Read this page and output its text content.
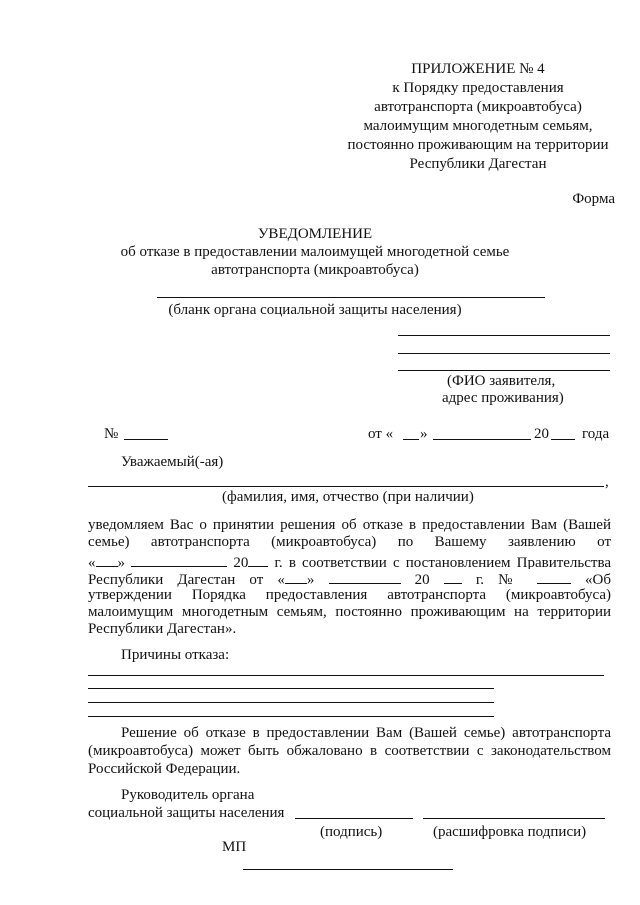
ПРИЛОЖЕНИЕ № 4
к Порядку предоставления
автотранспорта (микроавтобуса)
малоимущим многодетным семьям,
постоянно проживающим на территории
Республики Дагестан
Форма
УВЕДОМЛЕНИЕ
об отказе в предоставлении малоимущей многодетной семье
автотранспорта (микроавтобуса)
(бланк органа социальной защиты населения)
(ФИО заявителя,
адрес проживания)
№	от « »	20 года
Уважаемый(-ая)
,
(фамилия, имя, отчество (при наличии)
уведомляем Вас о принятии решения об отказе в предоставлении Вам (Вашей
семье) автотранспорта (микроавтобуса) по Вашему заявлению от
« »	20 г. в соответствии с постановлением Правительства
Республики Дагестан от « »	20	г. №	«Об
утверждении Порядка предоставления автотранспорта (микроавтобуса)
малоимущим многодетным семьям, постоянно проживающим на территории
Республики Дагестан».
Причины отказа:
Решение об отказе в предоставлении Вам (Вашей семье) автотранспорта
(микроавтобуса) может быть обжаловано в соответствии с законодательством
Российской Федерации.
Руководитель органа
социальной защиты населения
(подпись)	(расшифровка подписи)
МП
